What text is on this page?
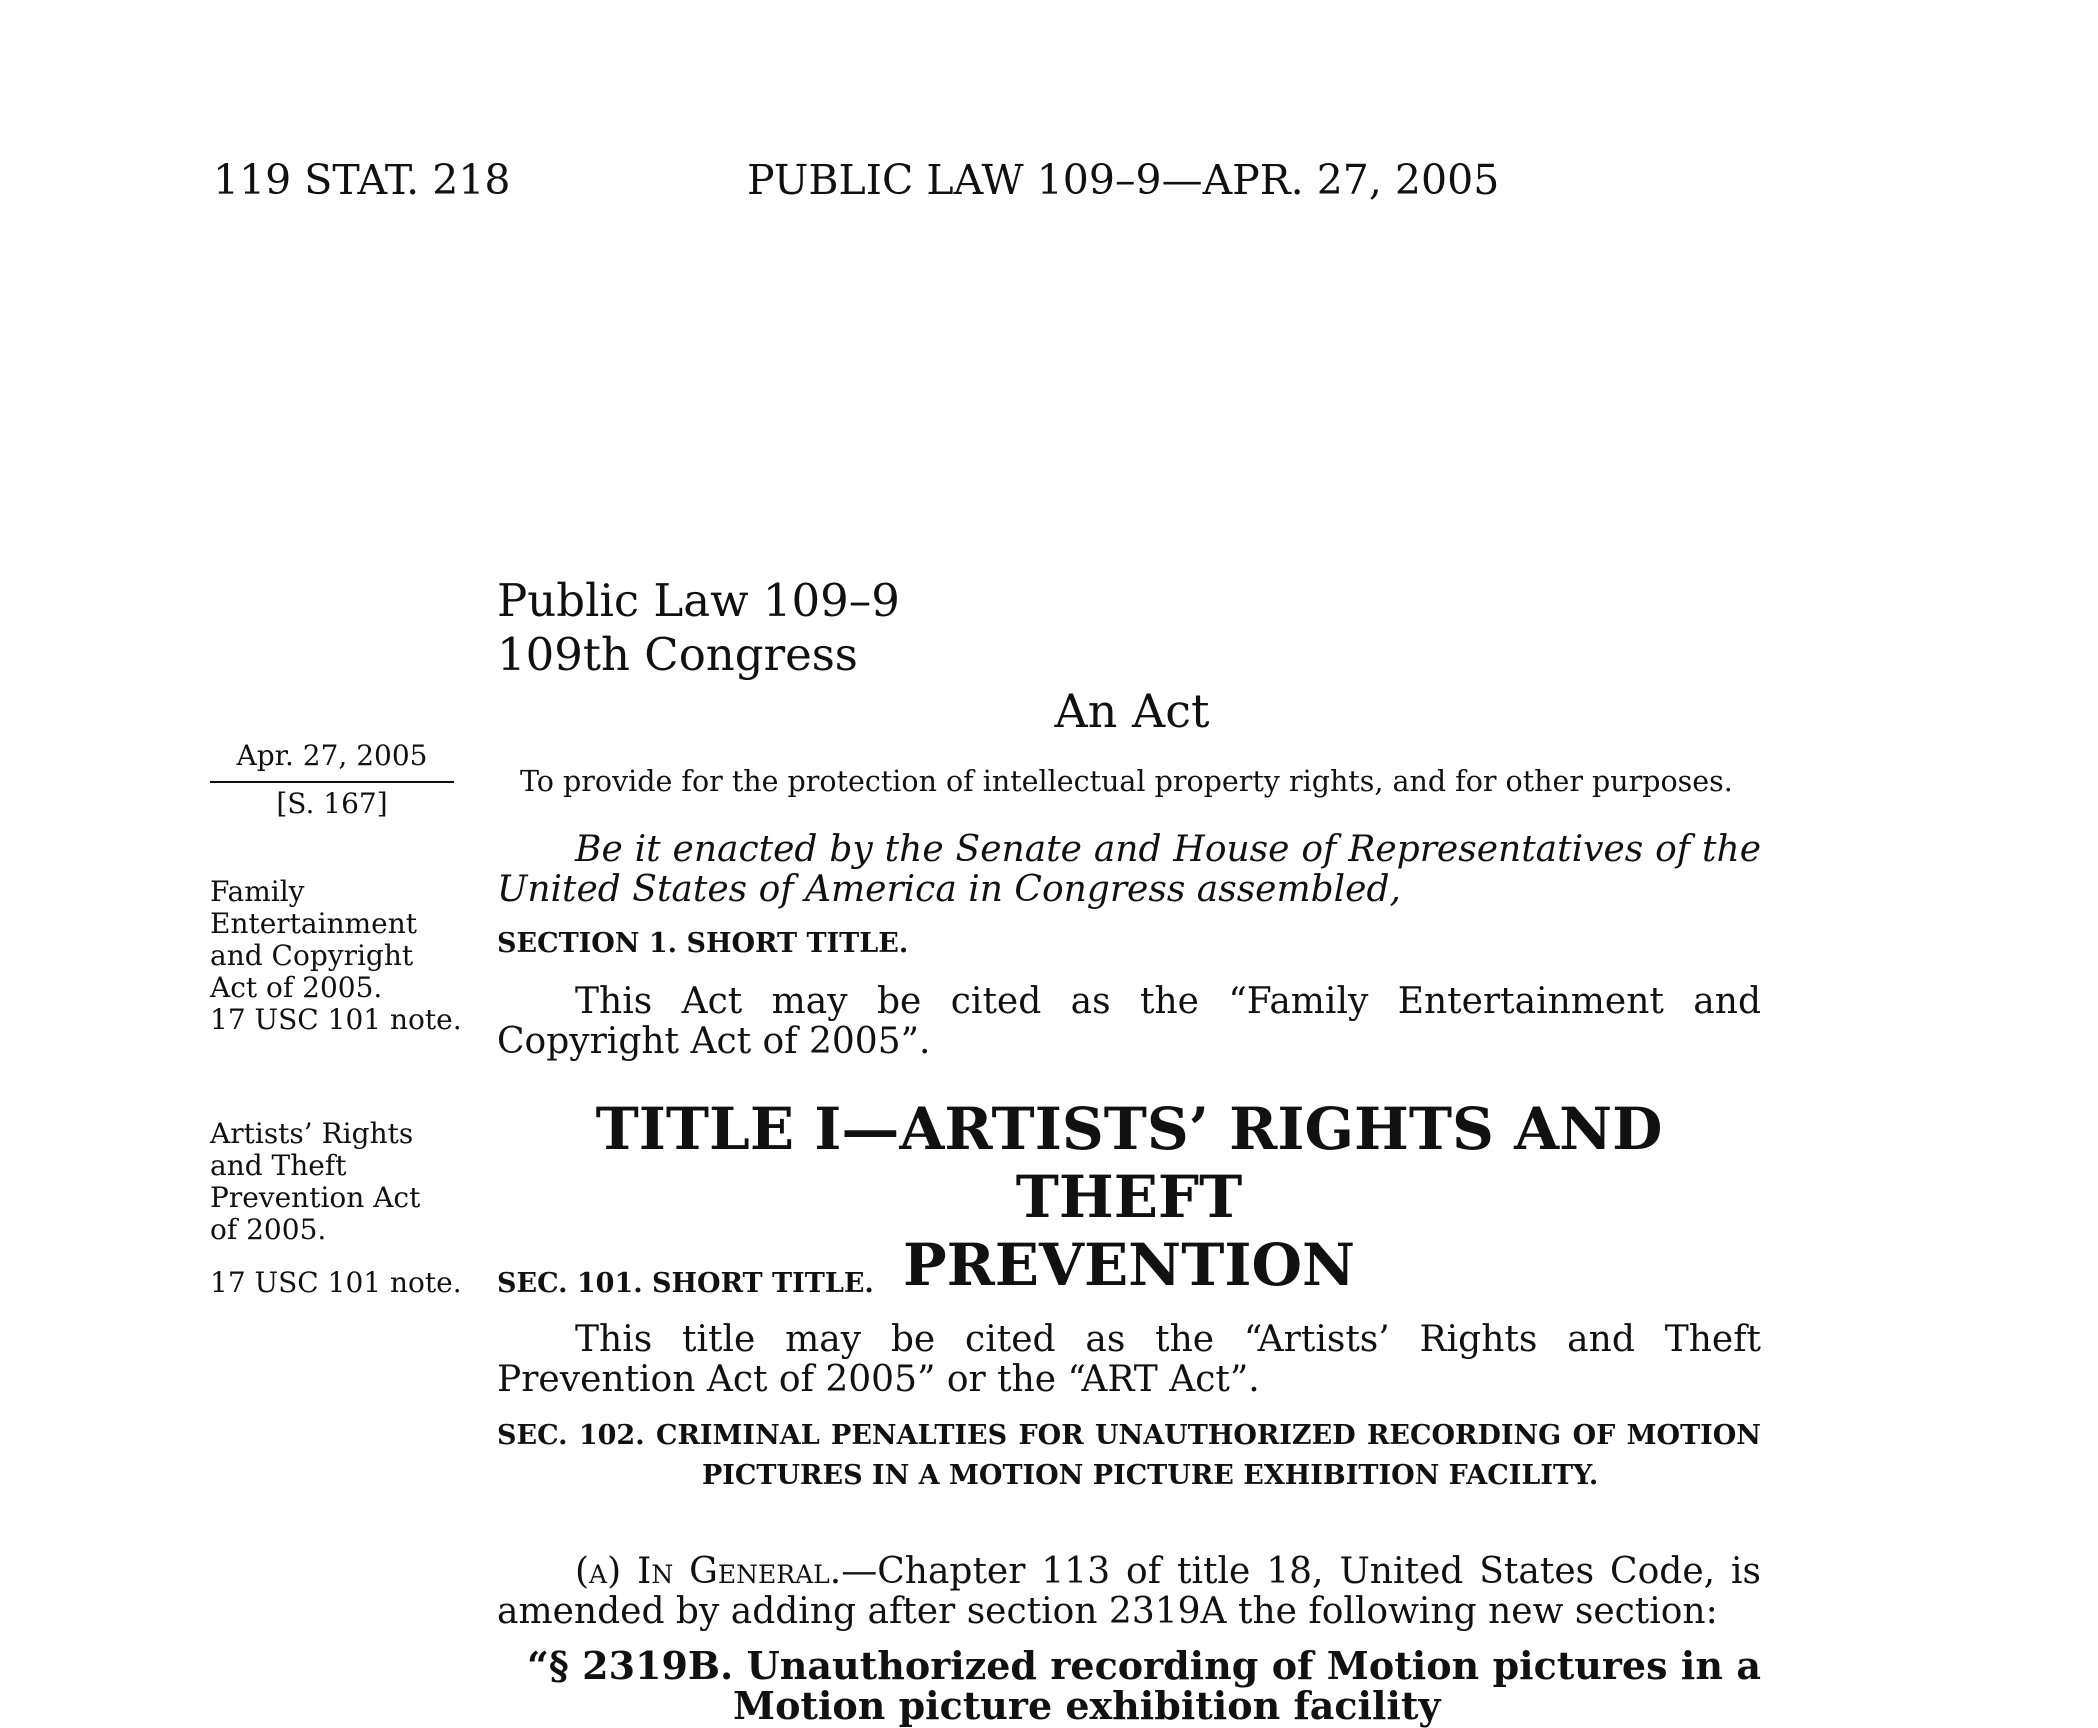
119 STAT. 218	PUBLIC LAW 109–9—APR. 27, 2005
Public Law 109–9
109th Congress
An Act
Apr. 27, 2005
[S. 167]
To provide for the protection of intellectual property rights, and for other purposes.
Family
Entertainment
and Copyright
Act of 2005.
17 USC 101 note.
Be it enacted by the Senate and House of Representatives of the United States of America in Congress assembled,
SECTION 1. SHORT TITLE.
This Act may be cited as the “Family Entertainment and Copyright Act of 2005”.
Artists’ Rights
and Theft
Prevention Act
of 2005.
TITLE I—ARTISTS’ RIGHTS AND THEFT
PREVENTION
17 USC 101 note. SEC. 101. SHORT TITLE.
This title may be cited as the “Artists’ Rights and Theft Prevention Act of 2005” or the “ART Act”.
SEC. 102. CRIMINAL PENALTIES FOR UNAUTHORIZED RECORDING OF MOTION PICTURES IN A MOTION PICTURE EXHIBITION FACILITY.
(a) In General.—Chapter 113 of title 18, United States Code, is amended by adding after section 2319A the following new section:
“§ 2319B. Unauthorized recording of Motion pictures in a Motion picture exhibition facility
